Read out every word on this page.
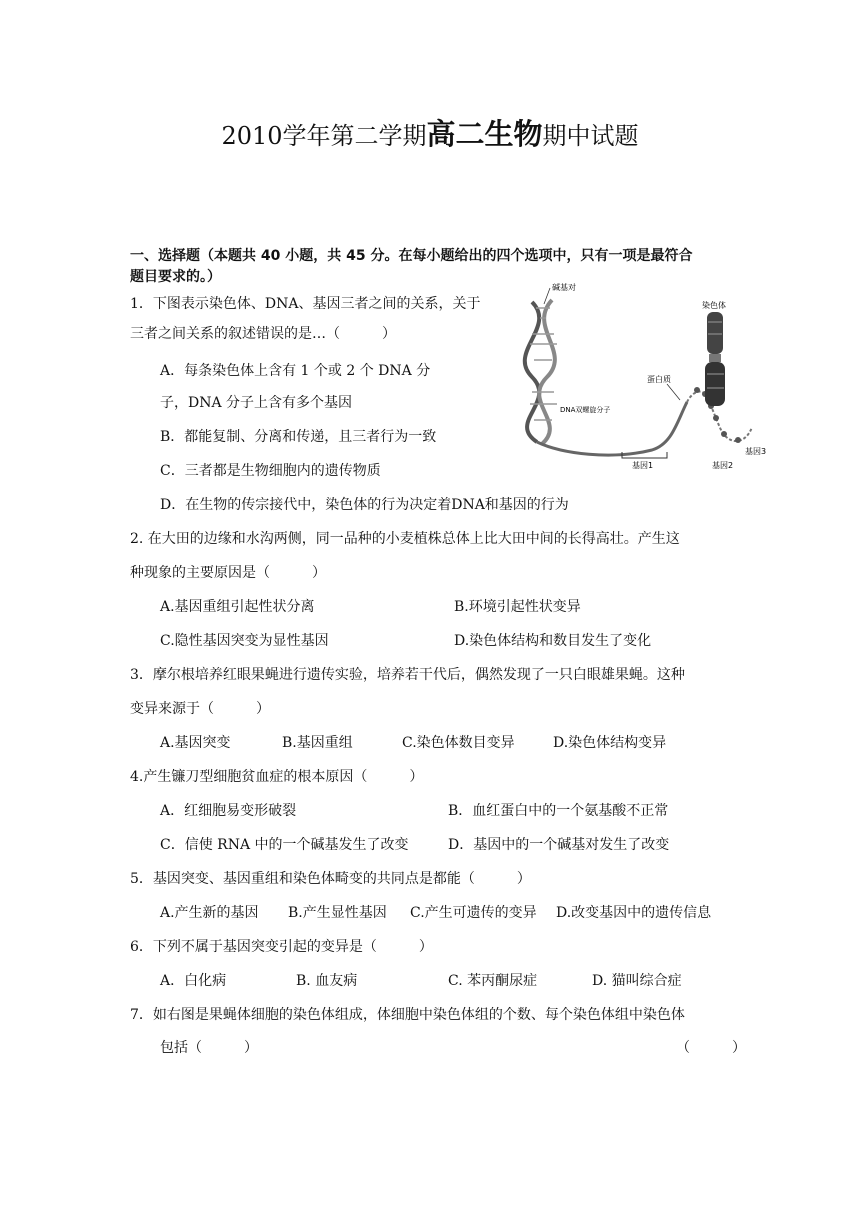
2010学年第二学期高二生物期中试题
一、选择题（本题共 40 小题，共 45 分。在每小题给出的四个选项中，只有一项是最符合
题目要求的。）
碱基对
染色体
蛋白质
DNA双螺旋分子
基因1	基因2
基因3
1．下图表示染色体、DNA、基因三者之间的关系，关于
三者之间关系的叙述错误的是…（　　　）
A．每条染色体上含有 1 个或 2 个 DNA 分
子，DNA 分子上含有多个基因
B．都能复制、分离和传递，且三者行为一致
C．三者都是生物细胞内的遗传物质
D．在生物的传宗接代中，染色体的行为决定着DNA和基因的行为
2. 在大田的边缘和水沟两侧，同一品种的小麦植株总体上比大田中间的长得高壮。产生这
种现象的主要原因是（　　　）
A.基因重组引起性状分离	B.环境引起性状变异
C.隐性基因突变为显性基因	D.染色体结构和数目发生了变化
3．摩尔根培养红眼果蝇进行遗传实验，培养若干代后，偶然发现了一只白眼雄果蝇。这种
变异来源于（　　　）
A.基因突变	B.基因重组	C.染色体数目变异	D.染色体结构变异
4.产生镰刀型细胞贫血症的根本原因（　　　）
A．红细胞易变形破裂	B．血红蛋白中的一个氨基酸不正常
C．信使 RNA 中的一个碱基发生了改变	D．基因中的一个碱基对发生了改变
5．基因突变、基因重组和染色体畸变的共同点是都能（　　　）
A.产生新的基因 B.产生显性基因 C.产生可遗传的变异 D.改变基因中的遗传信息
6．下列不属于基因突变引起的变异是（　　　）
A．白化病	B. 血友病	C. 苯丙酮尿症	D. 猫叫综合症
7．如右图是果蝇体细胞的染色体组成，体细胞中染色体组的个数、每个染色体组中染色体
包括（　　　）	（　　　）
